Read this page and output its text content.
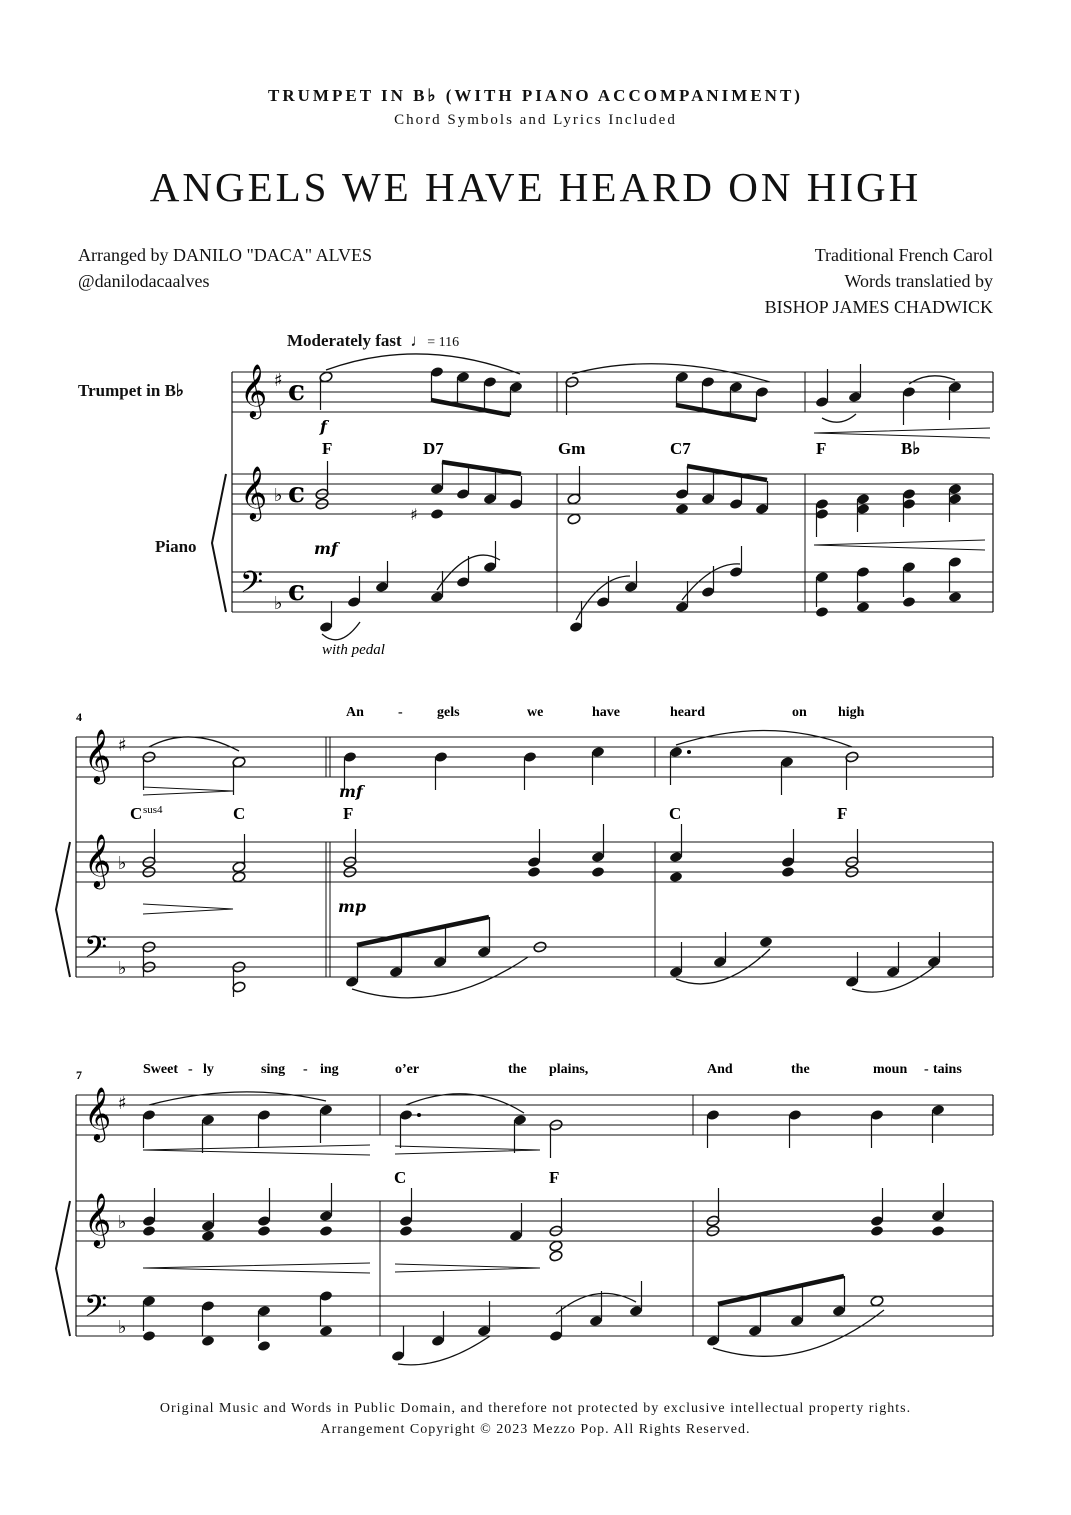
TRUMPET IN B♭ (WITH PIANO ACCOMPANIMENT)
Chord Symbols and Lyrics Included
ANGELS WE HAVE HEARD ON HIGH
Arranged by DANILO "DACA" ALVES
@danilodacaalves
Traditional French Carol
Words translatied by
BISHOP JAMES CHADWICK
Moderately fast  ♩= 116
Trumpet in B♭
Piano
𝄞
𝄞
𝄢
♯
♭
♭
c
c
c
𝄞
𝄞
𝄢
♯
♭
♭
𝄞
𝄞
𝄢
♯
♭
♭
♯
F	D7	Gm	C7	F	B♭
C sus4	C	F	C	F
C	F
An - gels	we	have	heard	on high
Sweet - ly	sing - ing	o’er	the plains,	And	the	moun - tains
f
mf
mf
mp
with pedal
4
7
Original Music and Words in Public Domain, and therefore not protected by exclusive intellectual property rights.
Arrangement Copyright © 2023 Mezzo Pop. All Rights Reserved.
